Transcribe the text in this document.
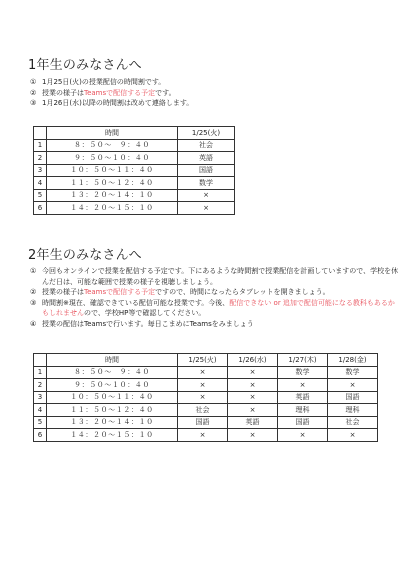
1年生のみなさんへ
① 1月25日(火)の授業配信の時間割です。
② 授業の様子はTeamsで配信する予定です。
③ 1月26日(水)以降の時間割は改めて連絡します。
	時間	1/25(火)
1	８：５０～　９：４０	社会
2	９：５０～１０：４０	英語
3	１０：５０～１１：４０	国語
4	１１：５０～１２：４０	数学
5	１３：２０～１４：１０	×
6	１４：２０～１５：１０	×
2年生のみなさんへ
① 今回もオンラインで授業を配信する予定です。下にあるような時間割で授業配信を計画していますので、学校を休んだ日は、可能な範囲で授業の様子を視聴しましょう。
② 授業の様子はTeamsで配信する予定ですので、時間になったらタブレットを開きましょう。
③ 時間割※現在、確認できている配信可能な授業です。今後、配信できない or 追加で配信可能になる教科もあるかもしれませんので、学校HP等で確認してください。
④ 授業の配信はTeamsで行います。毎日こまめにTeamsをみましょう
	時間	1/25(火)	1/26(水)	1/27(木)	1/28(金)
1	８：５０～　９：４０	×	×	数学	数学
2	９：５０～１０：４０	×	×	×	×
3	１０：５０～１１：４０	×	×	英語	国語
4	１１：５０～１２：４０	社会	×	理科	理科
5	１３：２０～１４：１０	国語	英語	国語	社会
6	１４：２０～１５：１０	×	×	×	×
